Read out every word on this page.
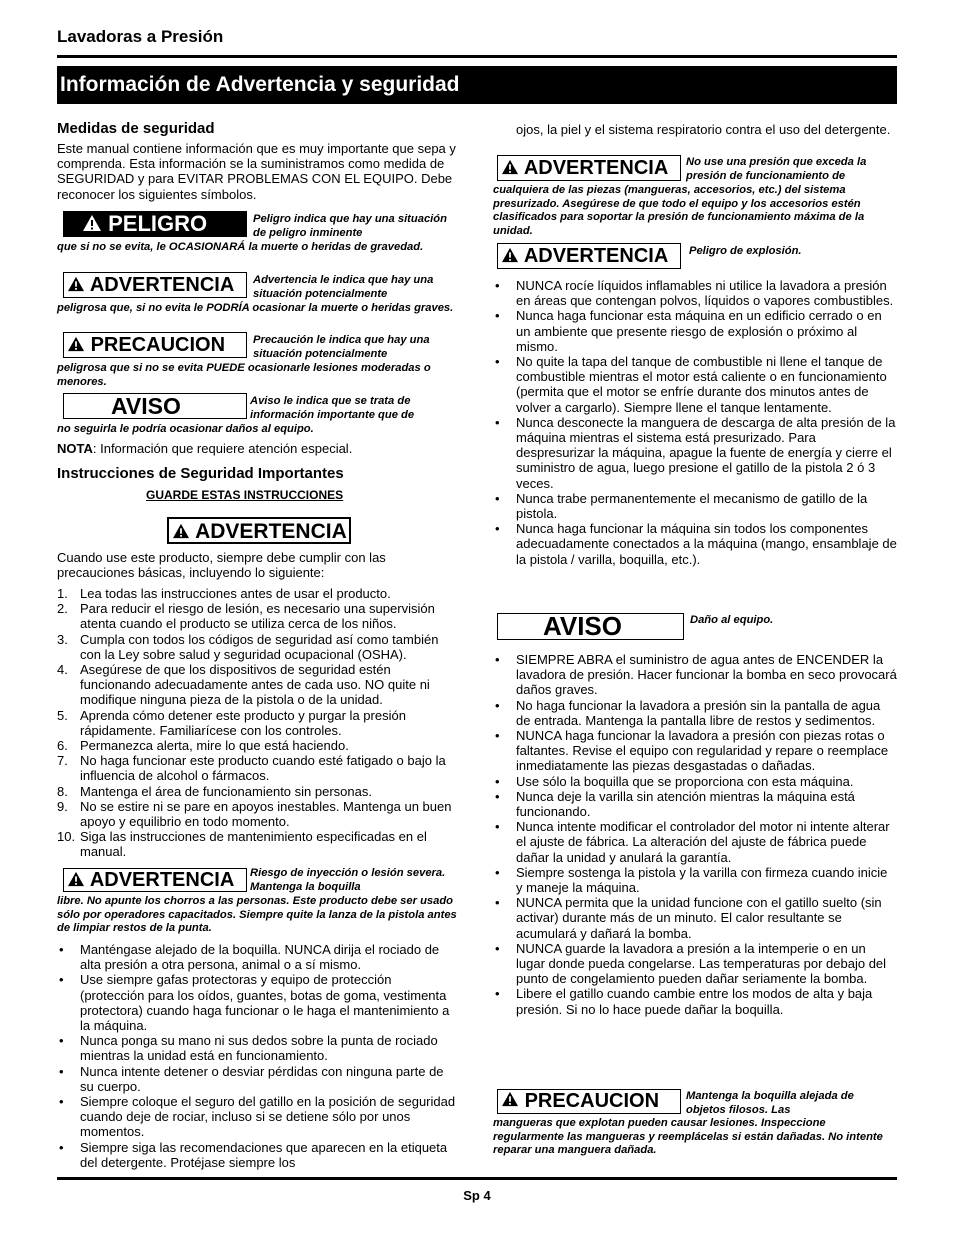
Lavadoras a Presión
Información de Advertencia y seguridad
Medidas de seguridad

Este manual contiene información que es muy importante que sepa y comprenda. Esta información se la suministramos como medida de SEGURIDAD y para EVITAR PROBLEMAS CON EL EQUIPO. Debe reconocer los siguientes símbolos.

PELIGRO	Peligro indica que hay una situación de peligro inminente
que si no se evita, le OCASIONARÁ la muerte o heridas de gravedad.
ADVERTENCIA	Advertencia le indica que hay una situación potencialmente
peligrosa que, si no evita le PODRÍA ocasionar la muerte o heridas graves.
PRECAUCION	Precaución le indica que hay una situación potencialmente
peligrosa que si no se evita PUEDE ocasionarle lesiones moderadas o menores.
AVISO	Aviso le indica que se trata de información importante que de
no seguirla le podría ocasionar daños al equipo.

NOTA: Información que requiere atención especial.

Instrucciones de Seguridad Importantes
GUARDE ESTAS INSTRUCCIONES
ADVERTENCIA

Cuando use este producto, siempre debe cumplir con las precauciones básicas, incluyendo lo siguiente:

1. Lea todas las instrucciones antes de usar el producto.
2. Para reducir el riesgo de lesión, es necesario una supervisión atenta cuando el producto se utiliza cerca de los niños.
3. Cumpla con todos los códigos de seguridad así como también con la Ley sobre salud y seguridad ocupacional (OSHA).
4. Asegúrese de que los dispositivos de seguridad estén funcionando adecuadamente antes de cada uso. NO quite ni modifique ninguna pieza de la pistola o de la unidad.
5. Aprenda cómo detener este producto y purgar la presión rápidamente. Familiarícese con los controles.
6. Permanezca alerta, mire lo que está haciendo.
7. No haga funcionar este producto cuando esté fatigado o bajo la influencia de alcohol o fármacos.
8. Mantenga el área de funcionamiento sin personas.
9. No se estire ni se pare en apoyos inestables. Mantenga un buen apoyo y equilibrio en todo momento.
10. Siga las instrucciones de mantenimiento especificadas en el manual.
ADVERTENCIA	Riesgo de inyección o lesión severa. Mantenga la boquilla
libre. No apunte los chorros a las personas. Este producto debe ser usado sólo por operadores capacitados. Siempre quite la lanza de la pistola antes de limpiar restos de la punta.
• Manténgase alejado de la boquilla. NUNCA dirija el rociado de alta presión a otra persona, animal o a sí mismo.
• Use siempre gafas protectoras y equipo de protección (protección para los oídos, guantes, botas de goma, vestimenta protectora) cuando haga funcionar o le haga el mantenimiento a la máquina.
• Nunca ponga su mano ni sus dedos sobre la punta de rociado mientras la unidad está en funcionamiento.
• Nunca intente detener o desviar pérdidas con ninguna parte de su cuerpo.
• Siempre coloque el seguro del gatillo en la posición de seguridad cuando deje de rociar, incluso si se detiene sólo por unos momentos.
• Siempre siga las recomendaciones que aparecen en la etiqueta del detergente. Protéjase siempre los

ojos, la piel y el sistema respiratorio contra el uso del detergente.

ADVERTENCIA	No use una presión que exceda la presión de funcionamiento de
cualquiera de las piezas (mangueras, accesorios, etc.) del sistema presurizado. Asegúrese de que todo el equipo y los accesorios estén clasificados para soportar la presión de funcionamiento máxima de la unidad.
ADVERTENCIA	Peligro de explosión.
• NUNCA rocíe líquidos inflamables ni utilice la lavadora a presión en áreas que contengan polvos, líquidos o vapores combustibles.
• Nunca haga funcionar esta máquina en un edificio cerrado o en un ambiente que presente riesgo de explosión o próximo al mismo.
• No quite la tapa del tanque de combustible ni llene el tanque de combustible mientras el motor está caliente o en funcionamiento (permita que el motor se enfríe durante dos minutos antes de volver a cargarlo). Siempre llene el tanque lentamente.
• Nunca desconecte la manguera de descarga de alta presión de la máquina mientras el sistema está presurizado. Para despresurizar la máquina, apague la fuente de energía y cierre el suministro de agua, luego presione el gatillo de la pistola 2 ó 3 veces.
• Nunca trabe permanentemente el mecanismo de gatillo de la pistola.
• Nunca haga funcionar la máquina sin todos los componentes adecuadamente conectados a la máquina (mango, ensamblaje de la pistola / varilla, boquilla, etc.).
AVISO	Daño al equipo.
• SIEMPRE ABRA el suministro de agua antes de ENCENDER la lavadora de presión. Hacer funcionar la bomba en seco provocará daños graves.
• No haga funcionar la lavadora a presión sin la pantalla de agua de entrada. Mantenga la pantalla libre de restos y sedimentos.
• NUNCA haga funcionar la lavadora a presión con piezas rotas o faltantes. Revise el equipo con regularidad y repare o reemplace inmediatamente las piezas desgastadas o dañadas.
• Use sólo la boquilla que se proporciona con esta máquina.
• Nunca deje la varilla sin atención mientras la máquina está funcionando.
• Nunca intente modificar el controlador del motor ni intente alterar el ajuste de fábrica. La alteración del ajuste de fábrica puede dañar la unidad y anulará la garantía.
• Siempre sostenga la pistola y la varilla con firmeza cuando inicie y maneje la máquina.
• NUNCA permita que la unidad funcione con el gatillo suelto (sin activar) durante más de un minuto. El calor resultante se acumulará y dañará la bomba.
• NUNCA guarde la lavadora a presión a la intemperie o en un lugar donde pueda congelarse. Las temperaturas por debajo del punto de congelamiento pueden dañar seriamente la bomba.
• Libere el gatillo cuando cambie entre los modos de alta y baja presión. Si no lo hace puede dañar la boquilla.
PRECAUCION	Mantenga la boquilla alejada de objetos filosos. Las
mangueras que explotan pueden causar lesiones. Inspeccione regularmente las mangueras y reemplácelas si están dañadas. No intente reparar una manguera dañada.
Sp 4
